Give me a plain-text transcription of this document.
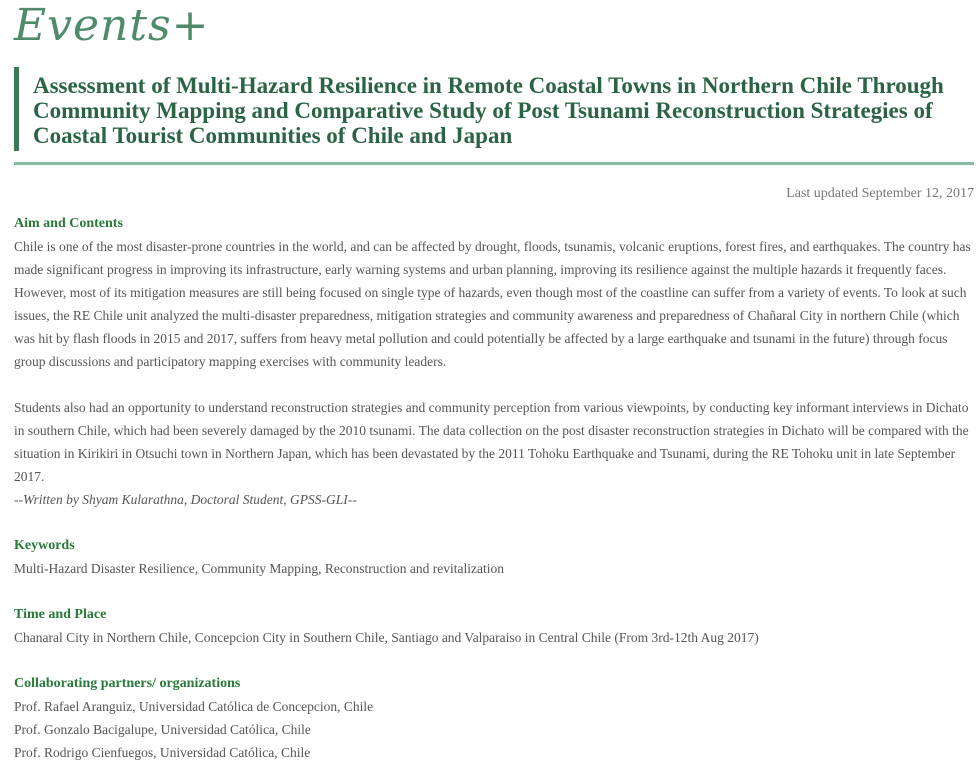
Events+
Assessment of Multi-Hazard Resilience in Remote Coastal Towns in Northern Chile Through Community Mapping and Comparative Study of Post Tsunami Reconstruction Strategies of Coastal Tourist Communities of Chile and Japan
Last updated September 12, 2017
Aim and Contents

Chile is one of the most disaster-prone countries in the world, and can be affected by drought, floods, tsunamis, volcanic eruptions, forest fires, and earthquakes. The country has made significant progress in improving its infrastructure, early warning systems and urban planning, improving its resilience against the multiple hazards it frequently faces. However, most of its mitigation measures are still being focused on single type of hazards, even though most of the coastline can suffer from a variety of events. To look at such issues, the RE Chile unit analyzed the multi-disaster preparedness, mitigation strategies and community awareness and preparedness of Chañaral City in northern Chile (which was hit by flash floods in 2015 and 2017, suffers from heavy metal pollution and could potentially be affected by a large earthquake and tsunami in the future) through focus group discussions and participatory mapping exercises with community leaders.

Students also had an opportunity to understand reconstruction strategies and community perception from various viewpoints, by conducting key informant interviews in Dichato in southern Chile, which had been severely damaged by the 2010 tsunami. The data collection on the post disaster reconstruction strategies in Dichato will be compared with the situation in Kirikiri in Otsuchi town in Northern Japan, which has been devastated by the 2011 Tohoku Earthquake and Tsunami, during the RE Tohoku unit in late September 2017.

--Written by Shyam Kularathna, Doctoral Student, GPSS-GLI--

Keywords

Multi-Hazard Disaster Resilience, Community Mapping, Reconstruction and revitalization

Time and Place

Chanaral City in Northern Chile, Concepcion City in Southern Chile, Santiago and Valparaiso in Central Chile (From 3rd-12th Aug 2017)

Collaborating partners/ organizations

Prof. Rafael Aranguiz, Universidad Católica de Concepcion, Chile

Prof. Gonzalo Bacigalupe, Universidad Católica, Chile

Prof. Rodrigo Cienfuegos, Universidad Católica, Chile
